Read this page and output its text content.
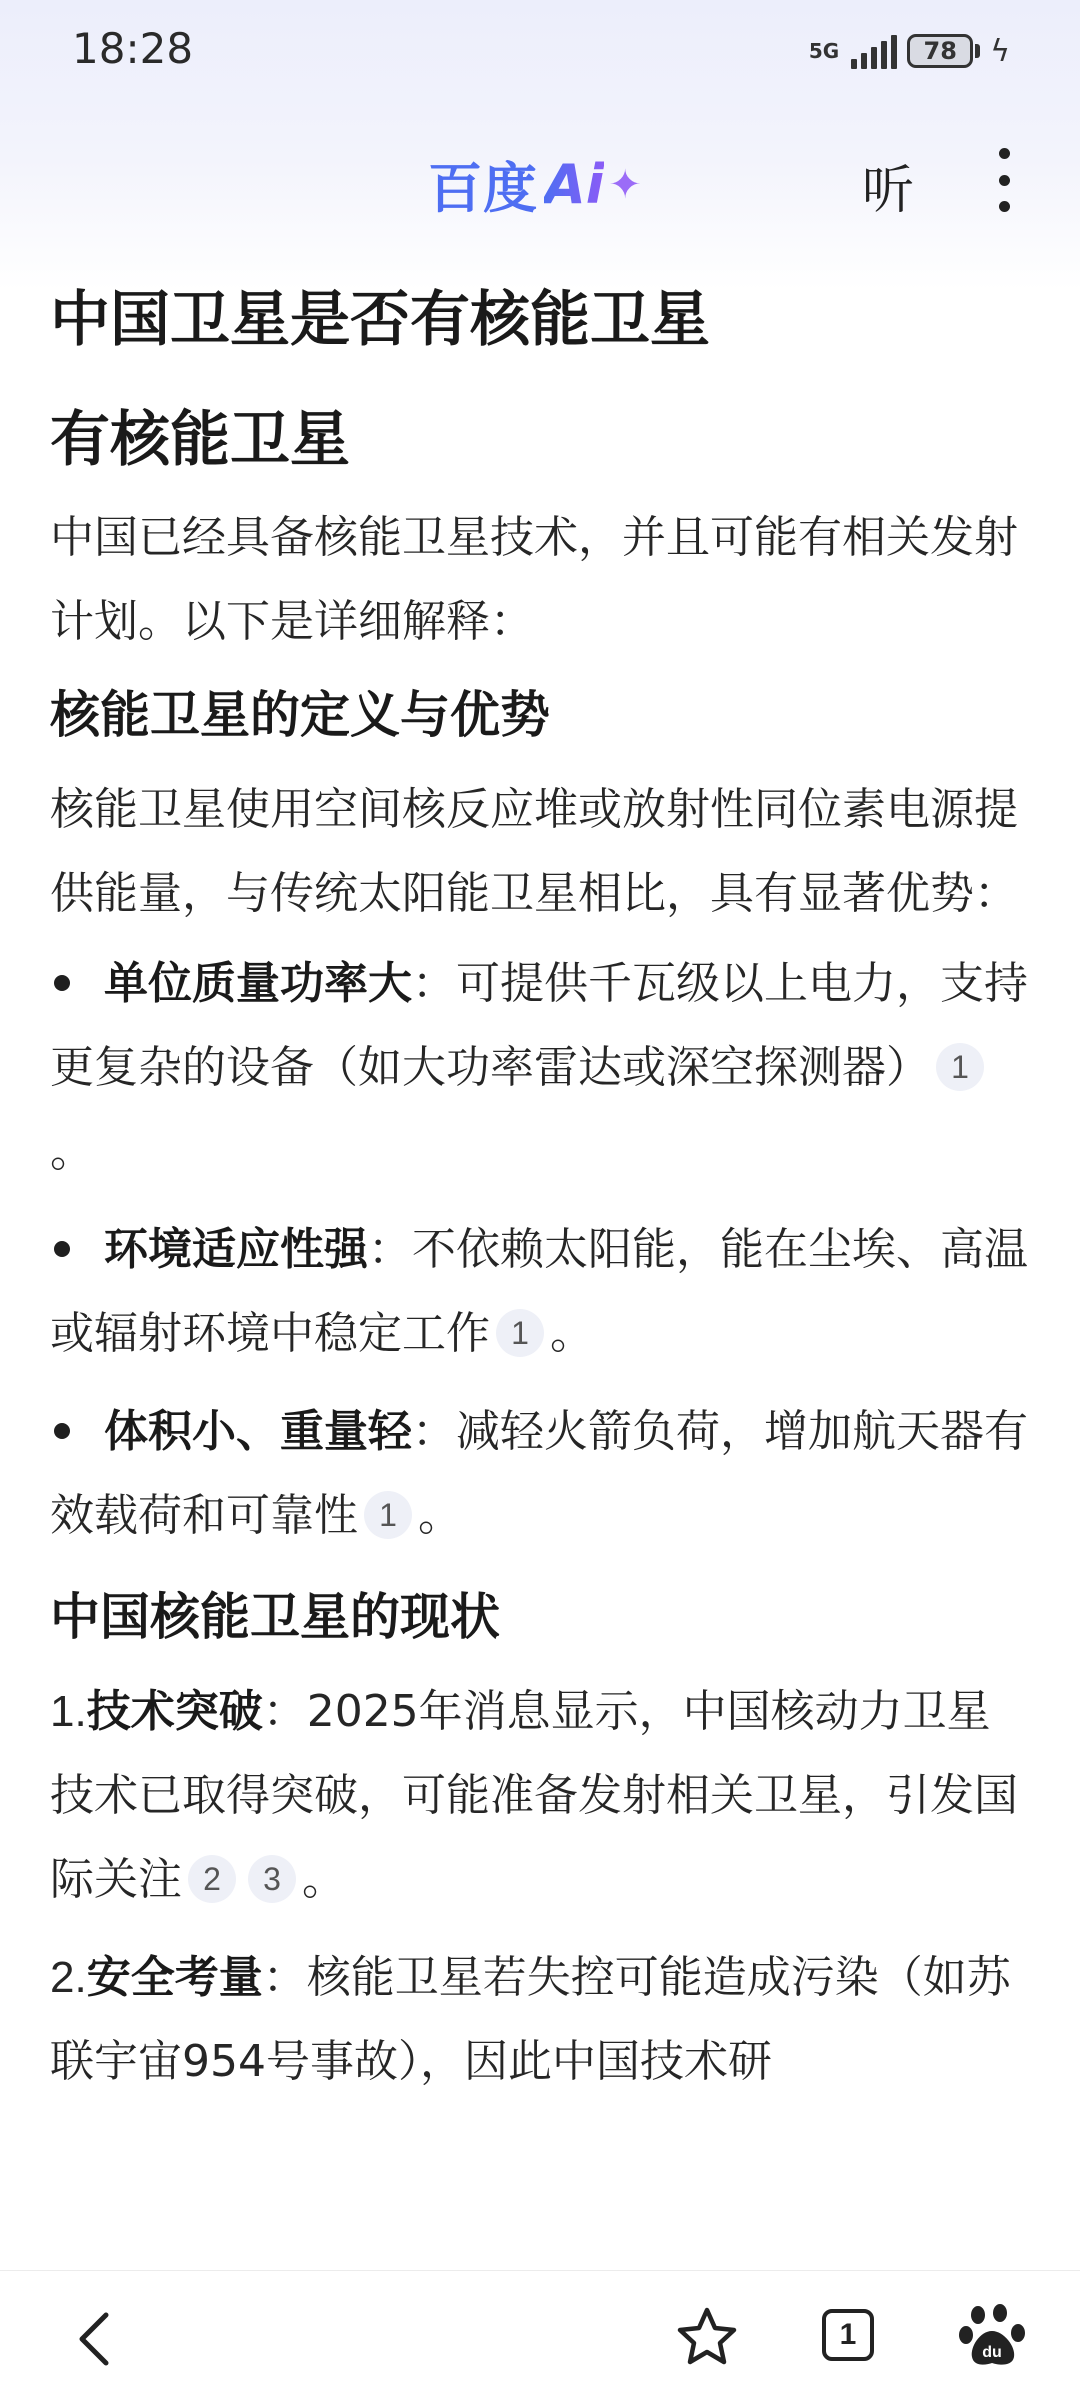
18:28	5G	78 ϟ
百度 Ai ✦	听
中国卫星是否有核能卫星
有核能卫星

中国已经具备核能卫星技术，并且可能有相关发射计划。以下是详细解释：

核能卫星的定义与优势

核能卫星使用空间核反应堆或放射性同位素电源提供能量，与传统太阳能卫星相比，具有显著优势：

单位质量功率大：可提供千瓦级以上电力，支持更复杂的设备（如大功率雷达或深空探测器） 1。
环境适应性强：不依赖太阳能，能在尘埃、高温或辐射环境中稳定工作 1 。
体积小、重量轻：减轻火箭负荷，增加航天器有效载荷和可靠性 1 。
中国核能卫星的现状
1.技术突破：2025年消息显示，中国核动力卫星技术已取得突破，可能准备发射相关卫星，引发国际关注 2 3 。
2.安全考量：核能卫星若失控可能造成污染（如苏联宇宙954号事故），因此中国技术研
1
du
